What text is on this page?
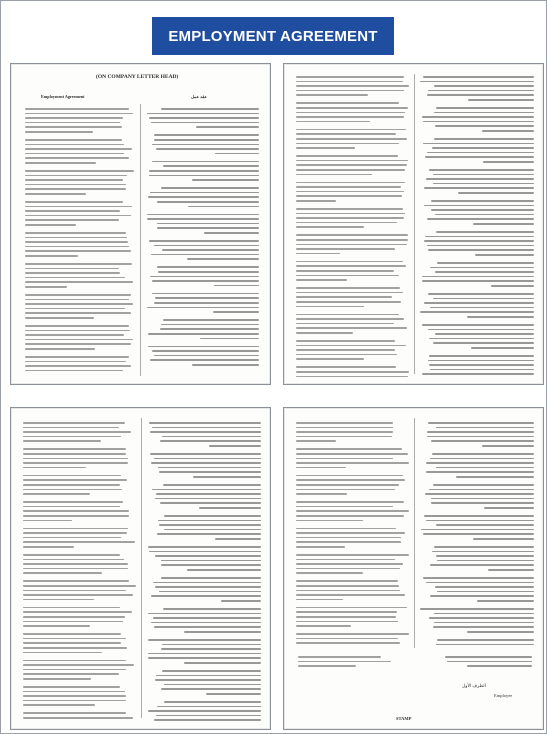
EMPLOYMENT AGREEMENT
(ON COMPANY LETTER HEAD)
Employment Agreement	عقد عمل
الطرف الأول
Employee
STAMP
